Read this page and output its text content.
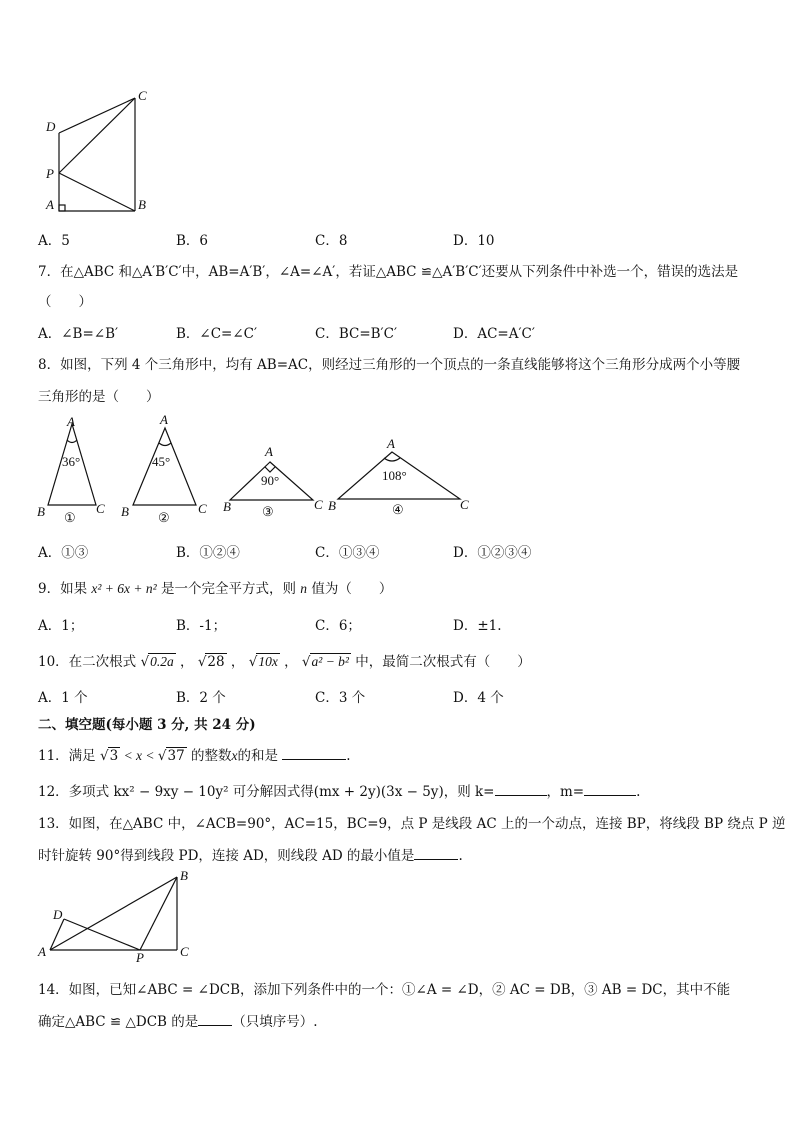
D
C
P
A	B
A．5	B．6	C．8	D．10
7．在△ABC 和△A′B′C′中，AB=A′B′，∠A=∠A′，若证△ABC ≌△A′B′C′还要从下列条件中补选一个，错误的选法是
（　　）
A．∠B=∠B′	B．∠C=∠C′	C．BC=B′C′	D．AC=A′C′
8．如图，下列 4 个三角形中，均有 AB=AC，则经过三角形的一个顶点的一条直线能够将这个三角形分成两个小等腰
三角形的是（　　）
A
B	C
36°
①
A
B	C
45°
②
A
B	C
90°
③
A
B	C
108°
④
A．①③	B．①②④	C．①③④	D．①②③④
9．如果 x² + 6x + n² 是一个完全平方式，则 n 值为（　　）
A．1；	B．-1；	C．6；	D．±1.
10．在二次根式 √0.2a ， √28 ， √10x ， √a² − b² 中，最简二次根式有（　　）
A．1 个	B．2 个	C．3 个	D．4 个
二、填空题(每小题 3 分, 共 24 分)
11．满足 √3 < x < √37 的整数x的和是	.
12．多项式 kx² − 9xy − 10y² 可分解因式得(mx + 2y)(3x − 5y)，则 k=	，m=	.
13．如图，在△ABC 中，∠ACB=90°，AC=15，BC=9，点 P 是线段 AC 上的一个动点，连接 BP，将线段 BP 绕点 P 逆
时针旋转 90°得到线段 PD，连接 AD，则线段 AD 的最小值是	.
B
D
A	P	C
14．如图，已知∠ABC = ∠DCB，添加下列条件中的一个：①∠A = ∠D，② AC = DB，③ AB = DC，其中不能
确定△ABC ≌ △DCB 的是	（只填序号）.
